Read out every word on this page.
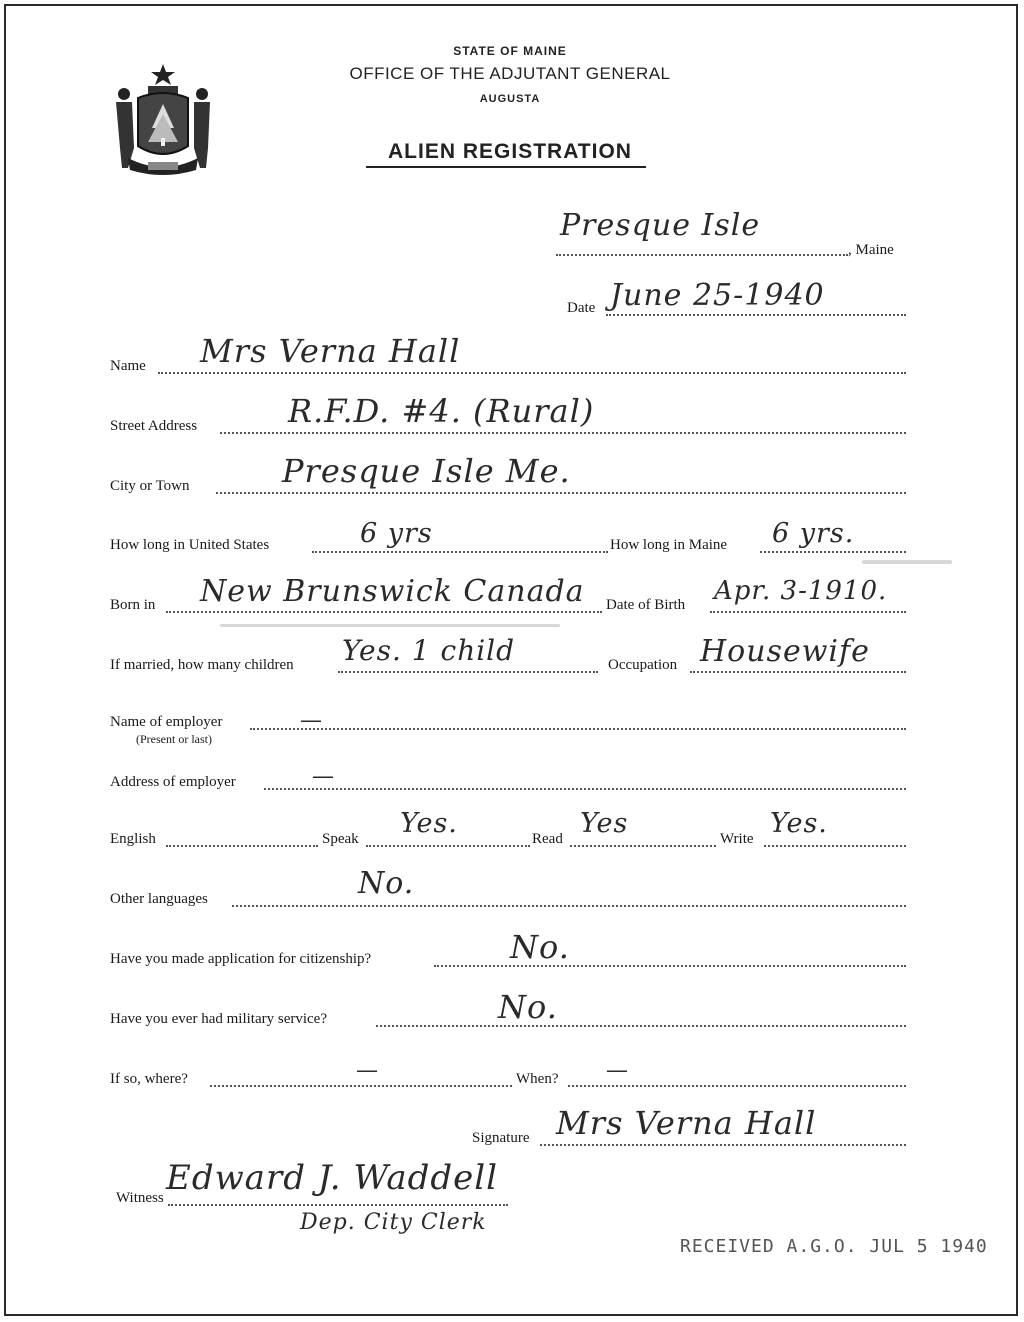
STATE OF MAINE
OFFICE OF THE ADJUTANT GENERAL
AUGUSTA
ALIEN REGISTRATION
Presque Isle
, Maine
Date June 25-1940
Name Mrs Verna Hall
Street Address	R.F.D. #4. (Rural)
City or Town	Presque Isle Me.
How long in United States	6 yrs	How long in Maine 6 yrs.
Born in New Brunswick Canada Date of Birth Apr. 3-1910.
If married, how many children Yes. 1 child	Occupation Housewife
Name of employer
(Present or last)
—
Address of employer	—
English	Speak Yes.	Read Yes	Write Yes.
Other languages	No.
Have you made application for citizenship?	No.
Have you ever had military service?	No.
If so, where?	—	When? —
Signature Mrs Verna Hall
Witness Edward J. Waddell
Dep. City Clerk
RECEIVED A.G.O. JUL 5 1940
